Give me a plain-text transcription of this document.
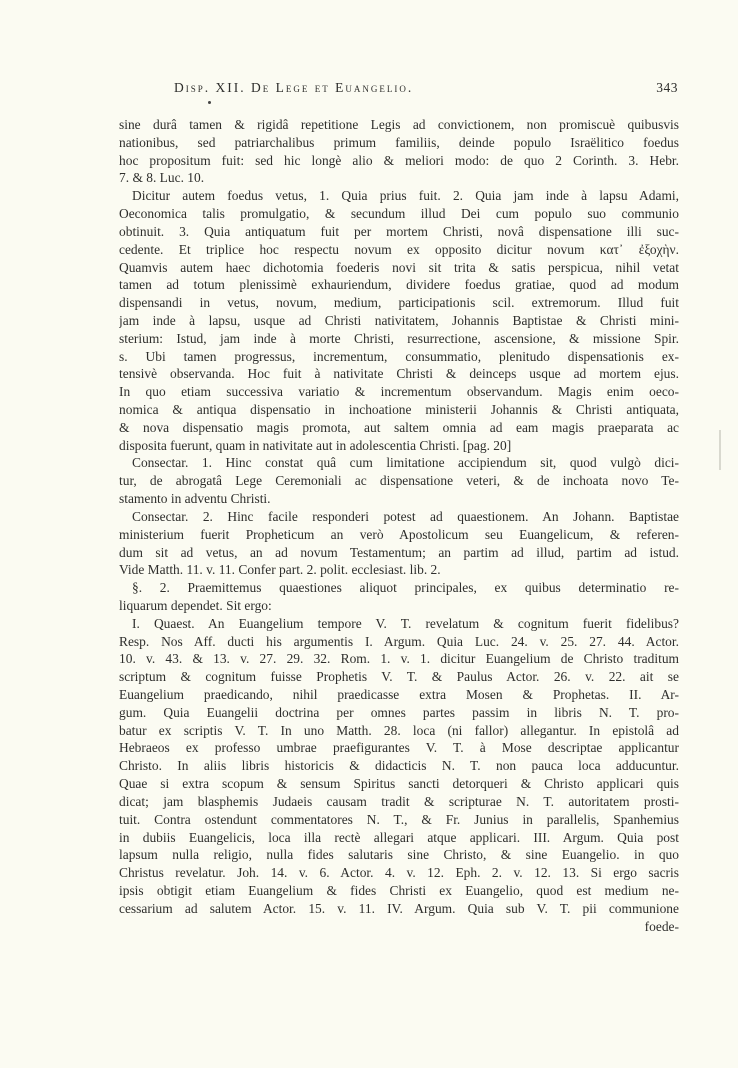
Disp. XII. De Lege et Euangelio.	343
sine durâ tamen & rigidâ repetitione Legis ad convictionem, non promiscuè quibusvis
nationibus, sed patriarchalibus primum familiis, deinde populo Israëlitico foedus
hoc propositum fuit: sed hic longè alio & meliori modo: de quo 2 Corinth. 3. Hebr.
7. & 8. Luc. 10.
Dicitur autem foedus vetus, 1. Quia prius fuit. 2. Quia jam inde à lapsu Adami,
Oeconomica talis promulgatio, & secundum illud Dei cum populo suo communio
obtinuit. 3. Quia antiquatum fuit per mortem Christi, novâ dispensatione illi suc-
cedente. Et triplice hoc respectu novum ex opposito dicitur novum κατ᾽ ἐξοχὴν.
Quamvis autem haec dichotomia foederis novi sit trita & satis perspicua, nihil vetat
tamen ad totum plenissimè exhauriendum, dividere foedus gratiae, quod ad modum
dispensandi in vetus, novum, medium, participationis scil. extremorum. Illud fuit
jam inde à lapsu, usque ad Christi nativitatem, Johannis Baptistae & Christi mini-
sterium: Istud, jam inde à morte Christi, resurrectione, ascensione, & missione Spir.
s. Ubi tamen progressus, incrementum, consummatio, plenitudo dispensationis ex-
tensivè observanda. Hoc fuit à nativitate Christi & deinceps usque ad mortem ejus.
In quo etiam successiva variatio & incrementum observandum. Magis enim oeco-
nomica & antiqua dispensatio in inchoatione ministerii Johannis & Christi antiquata,
& nova dispensatio magis promota, aut saltem omnia ad eam magis praeparata ac
disposita fuerunt, quam in nativitate aut in adolescentia Christi. [pag. 20]
Consectar. 1. Hinc constat quâ cum limitatione accipiendum sit, quod vulgò dici-
tur, de abrogatâ Lege Ceremoniali ac dispensatione veteri, & de inchoata novo Te-
stamento in adventu Christi.
Consectar. 2. Hinc facile responderi potest ad quaestionem. An Johann. Baptistae
ministerium fuerit Propheticum an verò Apostolicum seu Euangelicum, & referen-
dum sit ad vetus, an ad novum Testamentum; an partim ad illud, partim ad istud.
Vide Matth. 11. v. 11. Confer part. 2. polit. ecclesiast. lib. 2.
§. 2. Praemittemus quaestiones aliquot principales, ex quibus determinatio re-
liquarum dependet. Sit ergo:
I. Quaest. An Euangelium tempore V. T. revelatum & cognitum fuerit fidelibus?
Resp. Nos Aff. ducti his argumentis I. Argum. Quia Luc. 24. v. 25. 27. 44. Actor.
10. v. 43. & 13. v. 27. 29. 32. Rom. 1. v. 1. dicitur Euangelium de Christo traditum
scriptum & cognitum fuisse Prophetis V. T. & Paulus Actor. 26. v. 22. ait se
Euangelium praedicando, nihil praedicasse extra Mosen & Prophetas. II. Ar-
gum. Quia Euangelii doctrina per omnes partes passim in libris N. T. pro-
batur ex scriptis V. T. In uno Matth. 28. loca (ni fallor) allegantur. In epistolâ ad
Hebraeos ex professo umbrae praefigurantes V. T. à Mose descriptae applicantur
Christo. In aliis libris historicis & didacticis N. T. non pauca loca adducuntur.
Quae si extra scopum & sensum Spiritus sancti detorqueri & Christo applicari quis
dicat; jam blasphemis Judaeis causam tradit & scripturae N. T. autoritatem prosti-
tuit. Contra ostendunt commentatores N. T., & Fr. Junius in parallelis, Spanhemius
in dubiis Euangelicis, loca illa rectè allegari atque applicari. III. Argum. Quia post
lapsum nulla religio, nulla fides salutaris sine Christo, & sine Euangelio. in quo
Christus revelatur. Joh. 14. v. 6. Actor. 4. v. 12. Eph. 2. v. 12. 13. Si ergo sacris
ipsis obtigit etiam Euangelium & fides Christi ex Euangelio, quod est medium ne-
cessarium ad salutem Actor. 15. v. 11. IV. Argum. Quia sub V. T. pii communione
foede-
